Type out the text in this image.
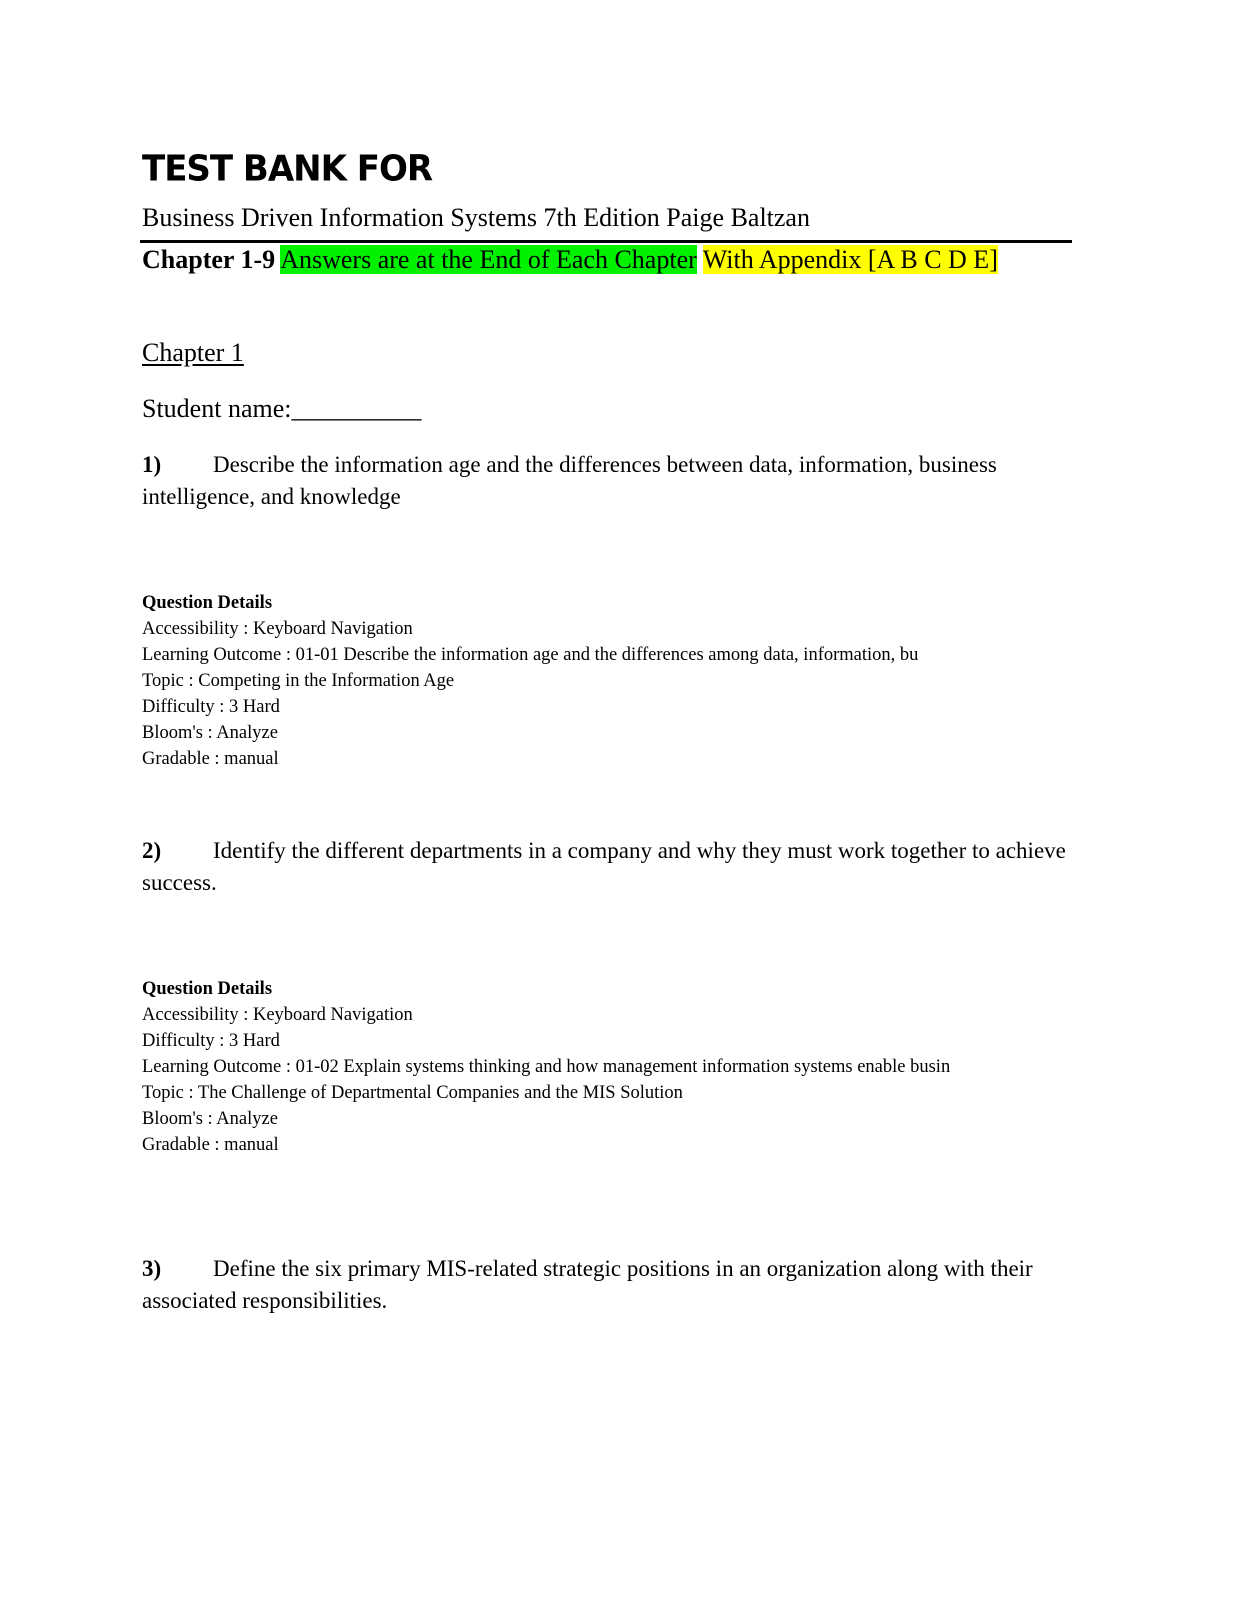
TEST BANK FOR
Business Driven Information Systems 7th Edition Paige Baltzan
Chapter 1-9 Answers are at the End of Each Chapter With Appendix [A B C D E]
Chapter 1
Student name:__________
1) Describe the information age and the differences between data, information, business intelligence, and knowledge
Question Details
Accessibility : Keyboard Navigation
Learning Outcome : 01-01 Describe the information age and the differences among data, information, bu
Topic : Competing in the Information Age
Difficulty : 3 Hard
Bloom's : Analyze
Gradable : manual
2) Identify the different departments in a company and why they must work together to achieve success.
Question Details
Accessibility : Keyboard Navigation
Difficulty : 3 Hard
Learning Outcome : 01-02 Explain systems thinking and how management information systems enable busin
Topic : The Challenge of Departmental Companies and the MIS Solution
Bloom's : Analyze
Gradable : manual
3) Define the six primary MIS-related strategic positions in an organization along with their associated responsibilities.
